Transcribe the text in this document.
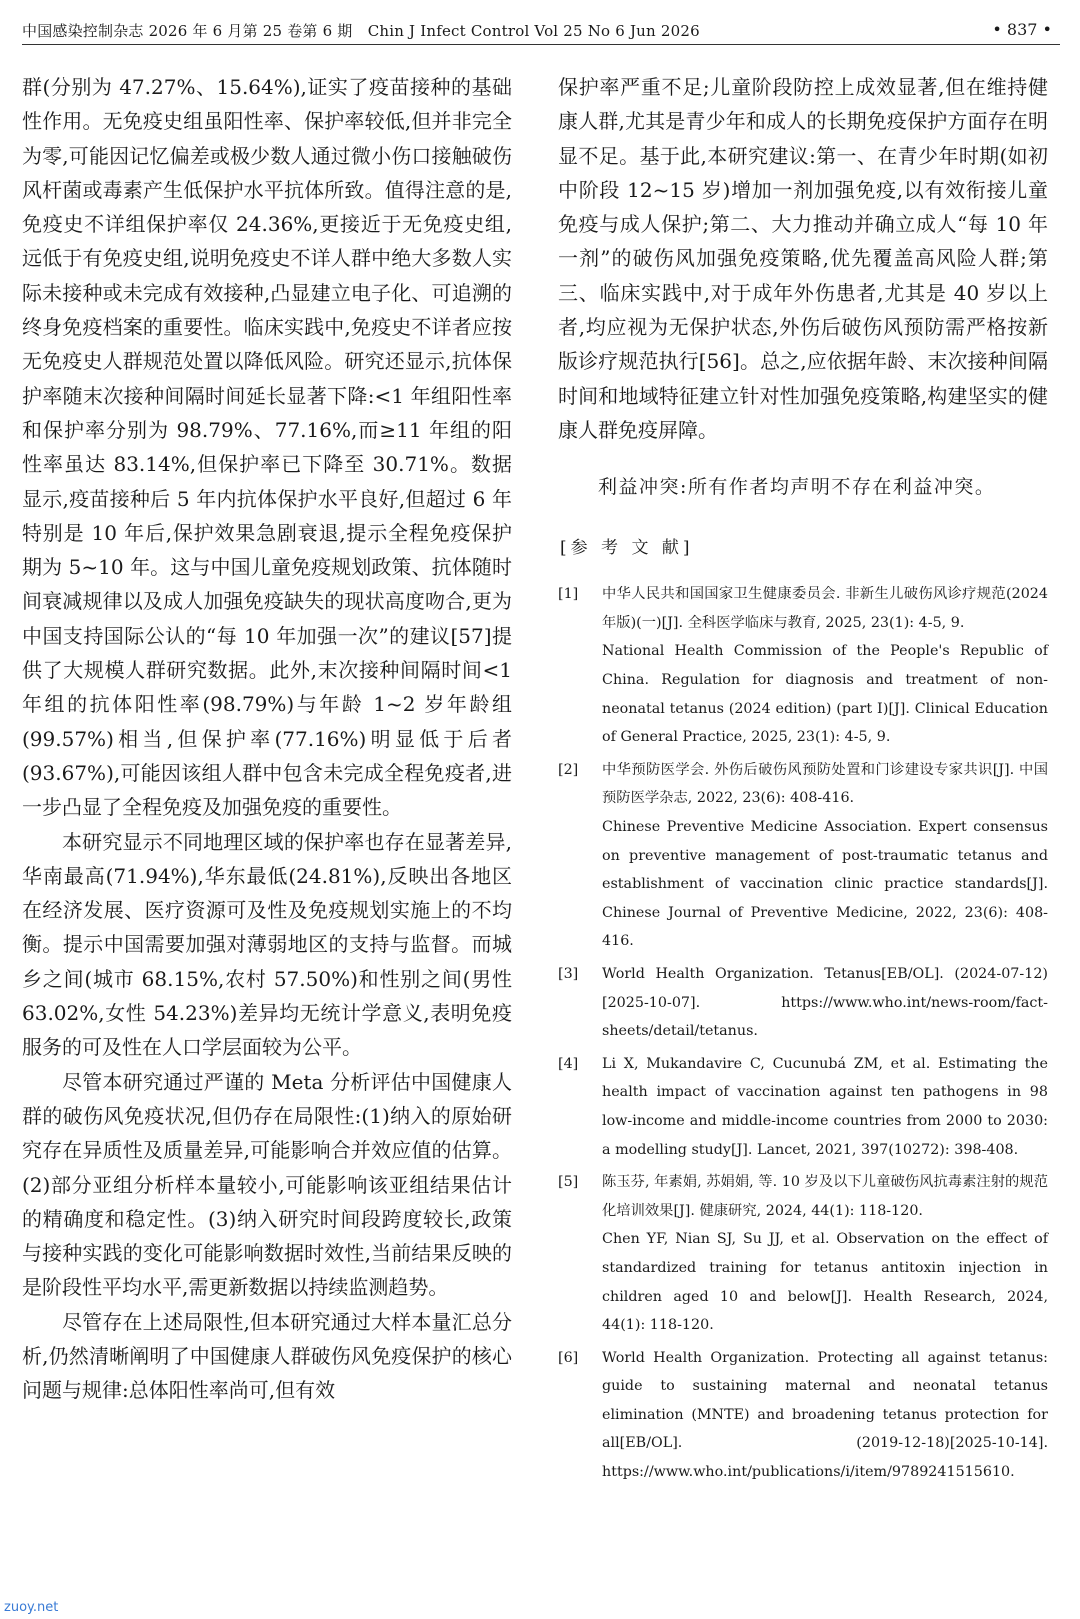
中国感染控制杂志 2026 年 6 月第 25 卷第 6 期　Chin J Infect Control Vol 25 No 6 Jun 2026	• 837 •

群(分别为 47.27%、15.64%),证实了疫苗接种的基础性作用。无免疫史组虽阳性率、保护率较低,但并非完全为零,可能因记忆偏差或极少数人通过微小伤口接触破伤风杆菌或毒素产生低保护水平抗体所致。值得注意的是,免疫史不详组保护率仅 24.36%,更接近于无免疫史组,远低于有免疫史组,说明免疫史不详人群中绝大多数人实际未接种或未完成有效接种,凸显建立电子化、可追溯的终身免疫档案的重要性。临床实践中,免疫史不详者应按无免疫史人群规范处置以降低风险。研究还显示,抗体保护率随末次接种间隔时间延长显著下降:<1 年组阳性率和保护率分别为 98.79%、77.16%,而≥11 年组的阳性率虽达 83.14%,但保护率已下降至 30.71%。数据显示,疫苗接种后 5 年内抗体保护水平良好,但超过 6 年特别是 10 年后,保护效果急剧衰退,提示全程免疫保护期为 5~10 年。这与中国儿童免疫规划政策、抗体随时间衰减规律以及成人加强免疫缺失的现状高度吻合,更为中国支持国际公认的“每 10 年加强一次”的建议[57]提供了大规模人群研究数据。此外,末次接种间隔时间<1 年组的抗体阳性率(98.79%)与年龄 1~2 岁年龄组(99.57%)相当,但保护率(77.16%)明显低于后者(93.67%),可能因该组人群中包含未完成全程免疫者,进一步凸显了全程免疫及加强免疫的重要性。

本研究显示不同地理区域的保护率也存在显著差异,华南最高(71.94%),华东最低(24.81%),反映出各地区在经济发展、医疗资源可及性及免疫规划实施上的不均衡。提示中国需要加强对薄弱地区的支持与监督。而城乡之间(城市 68.15%,农村 57.50%)和性别之间(男性 63.02%,女性 54.23%)差异均无统计学意义,表明免疫服务的可及性在人口学层面较为公平。

尽管本研究通过严谨的 Meta 分析评估中国健康人群的破伤风免疫状况,但仍存在局限性:(1)纳入的原始研究存在异质性及质量差异,可能影响合并效应值的估算。(2)部分亚组分析样本量较小,可能影响该亚组结果估计的精确度和稳定性。(3)纳入研究时间段跨度较长,政策与接种实践的变化可能影响数据时效性,当前结果反映的是阶段性平均水平,需更新数据以持续监测趋势。

尽管存在上述局限性,但本研究通过大样本量汇总分析,仍然清晰阐明了中国健康人群破伤风免疫保护的核心问题与规律:总体阳性率尚可,但有效

保护率严重不足;儿童阶段防控上成效显著,但在维持健康人群,尤其是青少年和成人的长期免疫保护方面存在明显不足。基于此,本研究建议:第一、在青少年时期(如初中阶段 12~15 岁)增加一剂加强免疫,以有效衔接儿童免疫与成人保护;第二、大力推动并确立成人“每 10 年一剂”的破伤风加强免疫策略,优先覆盖高风险人群;第三、临床实践中,对于成年外伤患者,尤其是 40 岁以上者,均应视为无保护状态,外伤后破伤风预防需严格按新版诊疗规范执行[56]。总之,应依据年龄、末次接种间隔时间和地域特征建立针对性加强免疫策略,构建坚实的健康人群免疫屏障。

利益冲突:所有作者均声明不存在利益冲突。

[参 考 文 献]
[1] 中华人民共和国国家卫生健康委员会. 非新生儿破伤风诊疗规范(2024 年版)(一)[J]. 全科医学临床与教育, 2025, 23(1): 4-5, 9.
National Health Commission of the People's Republic of China. Regulation for diagnosis and treatment of non-neonatal tetanus (2024 edition) (part Ⅰ)[J]. Clinical Education of General Practice, 2025, 23(1): 4-5, 9.
[2] 中华预防医学会. 外伤后破伤风预防处置和门诊建设专家共识[J]. 中国预防医学杂志, 2022, 23(6): 408-416.
Chinese Preventive Medicine Association. Expert consensus on preventive management of post-traumatic tetanus and establishment of vaccination clinic practice standards[J]. Chinese Journal of Preventive Medicine, 2022, 23(6): 408-416.
[3] World Health Organization. Tetanus[EB/OL]. (2024-07-12)[2025-10-07]. https://www.who.int/news-room/fact-sheets/detail/tetanus.
[4] Li X, Mukandavire C, Cucunubá ZM, et al. Estimating the health impact of vaccination against ten pathogens in 98 low-income and middle-income countries from 2000 to 2030: a modelling study[J]. Lancet, 2021, 397(10272): 398-408.
[5] 陈玉芬, 年素娟, 苏娟娟, 等. 10 岁及以下儿童破伤风抗毒素注射的规范化培训效果[J]. 健康研究, 2024, 44(1): 118-120.
Chen YF, Nian SJ, Su JJ, et al. Observation on the effect of standardized training for tetanus antitoxin injection in children aged 10 and below[J]. Health Research, 2024, 44(1): 118-120.
[6] World Health Organization. Protecting all against tetanus: guide to sustaining maternal and neonatal tetanus elimination (MNTE) and broadening tetanus protection for all[EB/OL]. (2019-12-18)[2025-10-14]. https://www.who.int/publications/i/item/9789241515610.
zuoy.net
